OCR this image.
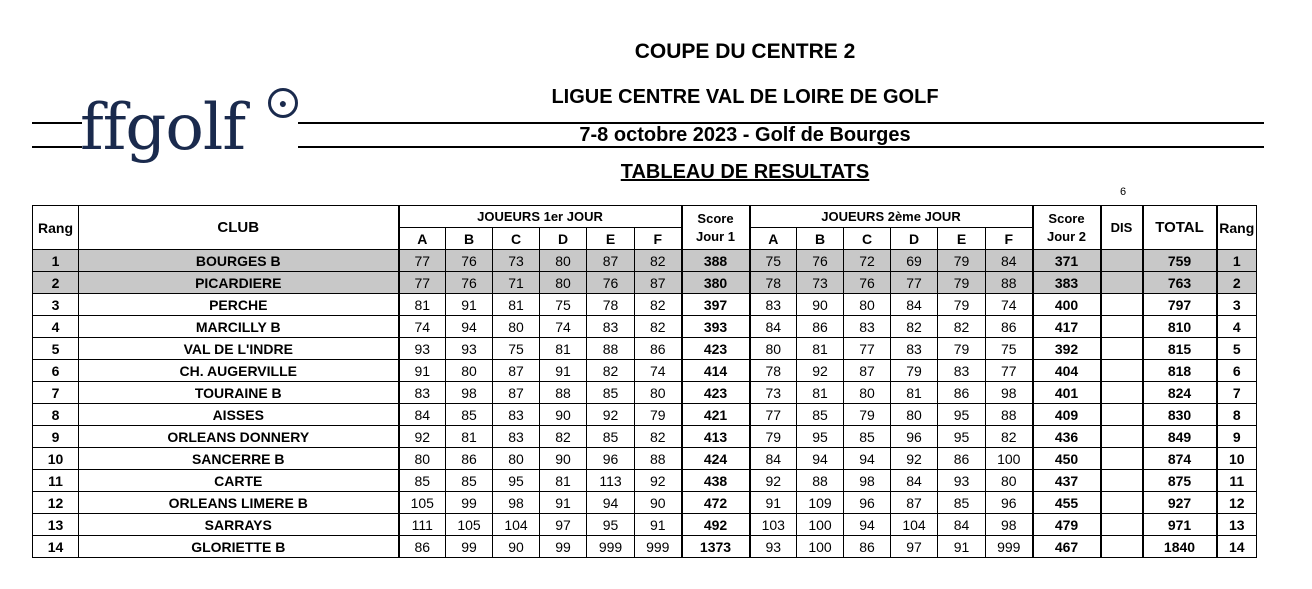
COUPE DU CENTRE 2
LIGUE CENTRE VAL DE LOIRE DE GOLF
7-8 octobre 2023 - Golf de Bourges
TABLEAU DE RESULTATS
ffgolf	●
6
Rang	CLUB	JOUEURS 1er JOUR						Score
Jour 1	JOUEURS 2ème JOUR						Score
Jour 2	DIS	TOTAL	Rang
		A	B	C	D	E	F		A	B	C	D	E	F				
1	BOURGES B	77	76	73	80	87	82	388	75	76	72	69	79	84	371		759	1
2	PICARDIERE	77	76	71	80	76	87	380	78	73	76	77	79	88	383		763	2
3	PERCHE	81	91	81	75	78	82	397	83	90	80	84	79	74	400		797	3
4	MARCILLY B	74	94	80	74	83	82	393	84	86	83	82	82	86	417		810	4
5	VAL DE L'INDRE	93	93	75	81	88	86	423	80	81	77	83	79	75	392		815	5
6	CH. AUGERVILLE	91	80	87	91	82	74	414	78	92	87	79	83	77	404		818	6
7	TOURAINE B	83	98	87	88	85	80	423	73	81	80	81	86	98	401		824	7
8	AISSES	84	85	83	90	92	79	421	77	85	79	80	95	88	409		830	8
9	ORLEANS DONNERY	92	81	83	82	85	82	413	79	95	85	96	95	82	436		849	9
10	SANCERRE B	80	86	80	90	96	88	424	84	94	94	92	86	100	450		874	10
11	CARTE	85	85	95	81	113	92	438	92	88	98	84	93	80	437		875	11
12	ORLEANS LIMERE B	105	99	98	91	94	90	472	91	109	96	87	85	96	455		927	12
13	SARRAYS	111	105	104	97	95	91	492	103	100	94	104	84	98	479		971	13
14	GLORIETTE B	86	99	90	99	999	999	1373	93	100	86	97	91	999	467		1840	14
